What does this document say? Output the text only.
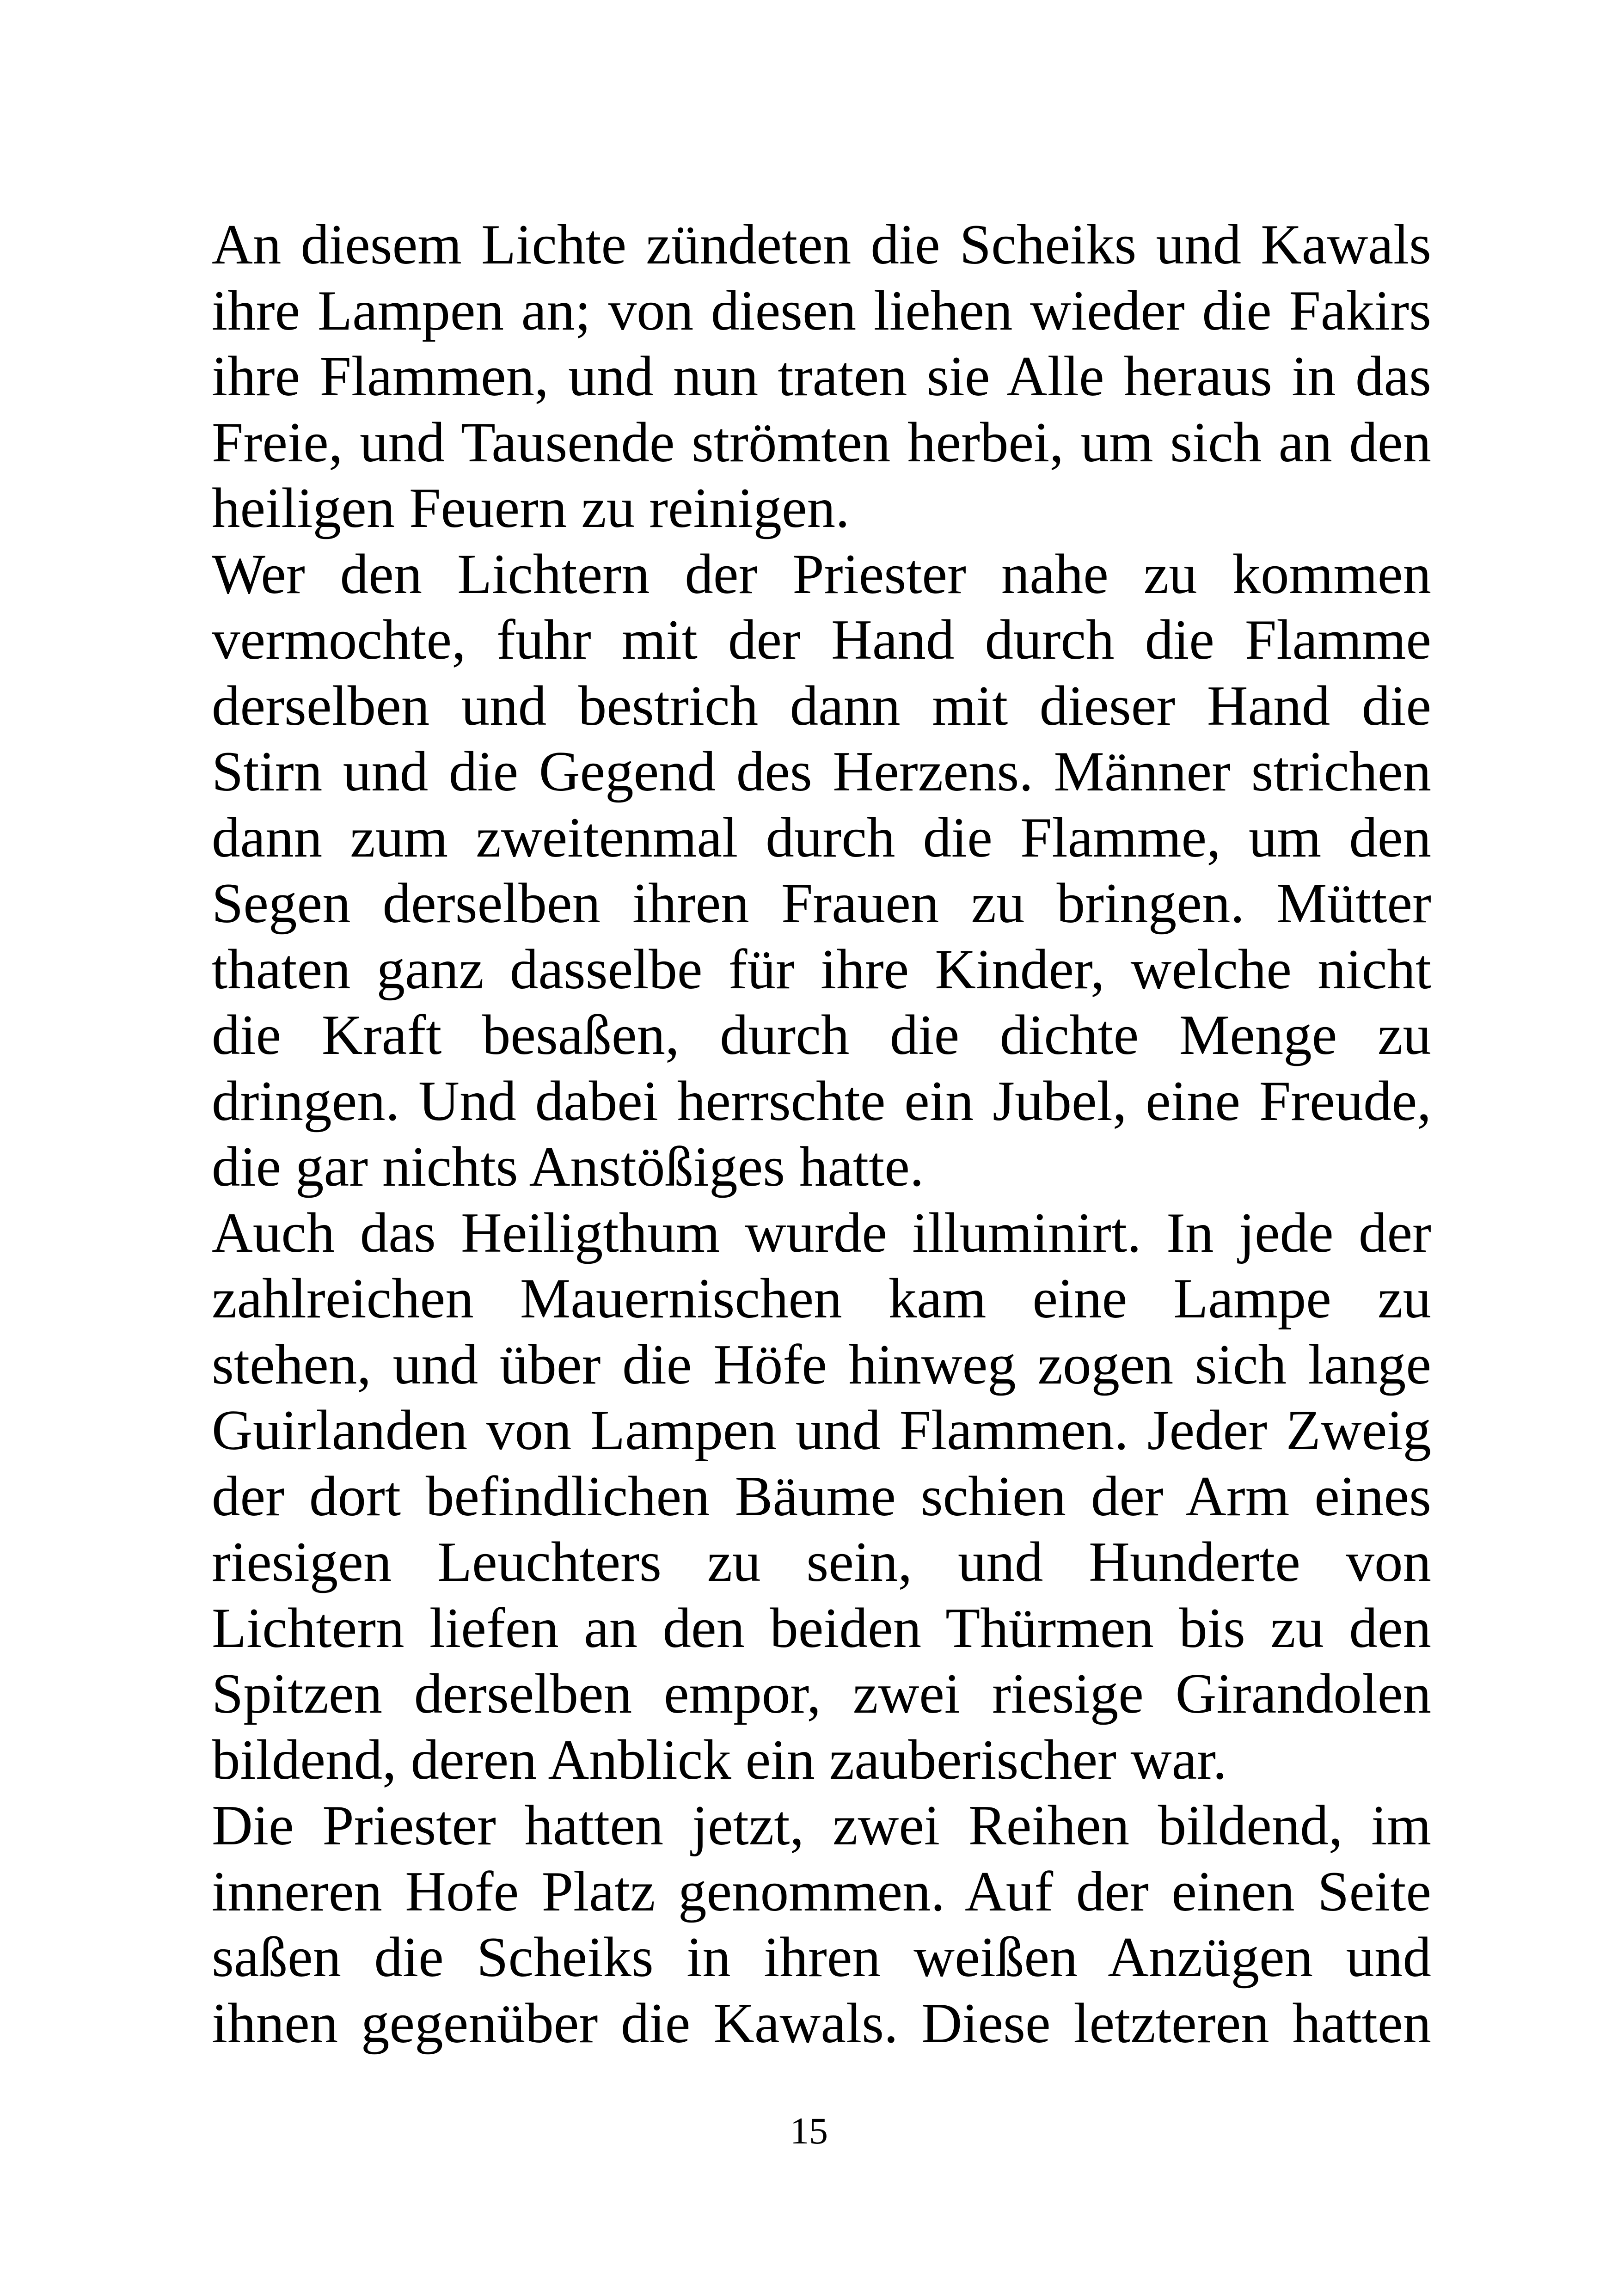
An diesem Lichte zündeten die Scheiks und Kawals
ihre Lampen an; von diesen liehen wieder die Fakirs
ihre Flammen, und nun traten sie Alle heraus in das
Freie, und Tausende strömten herbei, um sich an den
heiligen Feuern zu reinigen.
Wer den Lichtern der Priester nahe zu kommen
vermochte, fuhr mit der Hand durch die Flamme
derselben und bestrich dann mit dieser Hand die
Stirn und die Gegend des Herzens. Männer strichen
dann zum zweitenmal durch die Flamme, um den
Segen derselben ihren Frauen zu bringen. Mütter
thaten ganz dasselbe für ihre Kinder, welche nicht
die Kraft besaßen, durch die dichte Menge zu
dringen. Und dabei herrschte ein Jubel, eine Freude,
die gar nichts Anstößiges hatte.
Auch das Heiligthum wurde illuminirt. In jede der
zahlreichen Mauernischen kam eine Lampe zu
stehen, und über die Höfe hinweg zogen sich lange
Guirlanden von Lampen und Flammen. Jeder Zweig
der dort befindlichen Bäume schien der Arm eines
riesigen Leuchters zu sein, und Hunderte von
Lichtern liefen an den beiden Thürmen bis zu den
Spitzen derselben empor, zwei riesige Girandolen
bildend, deren Anblick ein zauberischer war.
Die Priester hatten jetzt, zwei Reihen bildend, im
inneren Hofe Platz genommen. Auf der einen Seite
saßen die Scheiks in ihren weißen Anzügen und
ihnen gegenüber die Kawals. Diese letzteren hatten
15
